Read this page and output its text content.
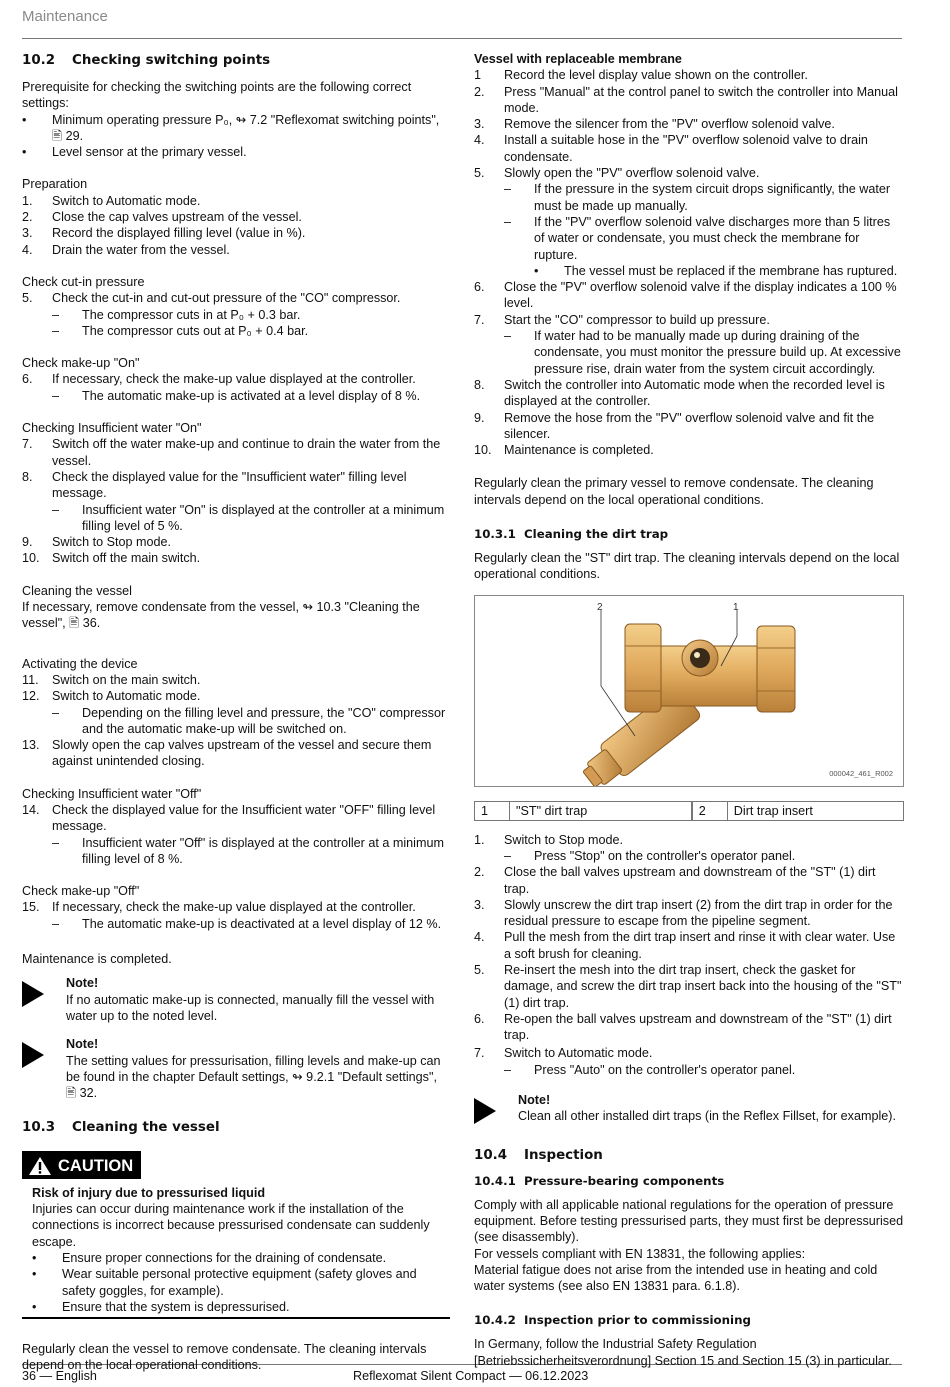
Maintenance
36 — English	Reflexomat Silent Compact — 06.12.2023
10.2	Checking switching points
Prerequisite for checking the switching points are the following correct settings:
•	Minimum operating pressure P₀, ↬ 7.2 "Reflexomat switching points", 🖹 29.
•	Level sensor at the primary vessel.
Preparation
1.	Switch to Automatic mode.
2.	Close the cap valves upstream of the vessel.
3.	Record the displayed filling level (value in %).
4.	Drain the water from the vessel.
Check cut-in pressure
5.	Check the cut-in and cut-out pressure of the "CO" compressor.
–	The compressor cuts in at P₀ + 0.3 bar.
–	The compressor cuts out at P₀ + 0.4 bar.
Check make-up "On"
6.	If necessary, check the make-up value displayed at the controller.
–	The automatic make-up is activated at a level display of 8 %.
Checking Insufficient water "On"
7.	Switch off the water make-up and continue to drain the water from the vessel.
8.	Check the displayed value for the "Insufficient water" filling level message.
–	Insufficient water "On" is displayed at the controller at a minimum filling level of 5 %.
9.	Switch to Stop mode.
10. Switch off the main switch.
Cleaning the vessel
If necessary, remove condensate from the vessel, ↬ 10.3 "Cleaning the vessel", 🖹 36.
Activating the device
11.	Switch on the main switch.
12. Switch to Automatic mode.
–	Depending on the filling level and pressure, the "CO" compressor and the automatic make-up will be switched on.
13. Slowly open the cap valves upstream of the vessel and secure them against unintended closing.
Checking Insufficient water "Off"
14. Check the displayed value for the Insufficient water "OFF" filling level message.
–	Insufficient water "Off" is displayed at the controller at a minimum filling level of 8 %.
Check make-up "Off"
15. If necessary, check the make-up value displayed at the controller.
–	The automatic make-up is deactivated at a level display of 12 %.
Maintenance is completed.
Note!
If no automatic make-up is connected, manually fill the vessel with water up to the noted level.
Note!
The setting values for pressurisation, filling levels and make-up can be found in the chapter Default settings, ↬ 9.2.1 "Default settings", 🖹 32.
10.3	Cleaning the vessel
CAUTION
Risk of injury due to pressurised liquid
Injuries can occur during maintenance work if the installation of the connections is incorrect because pressurised condensate can suddenly escape.
•	Ensure proper connections for the draining of condensate.
•	Wear suitable personal protective equipment (safety gloves and safety goggles, for example).
•	Ensure that the system is depressurised.
Regularly clean the vessel to remove condensate. The cleaning intervals depend on the local operational conditions.
Vessel with replaceable membrane
1	Record the level display value shown on the controller.
2.	Press "Manual" at the control panel to switch the controller into Manual mode.
3.	Remove the silencer from the "PV" overflow solenoid valve.
4.	Install a suitable hose in the "PV" overflow solenoid valve to drain condensate.
5.	Slowly open the "PV" overflow solenoid valve.
–	If the pressure in the system circuit drops significantly, the water must be made up manually.
–	If the "PV" overflow solenoid valve discharges more than 5 litres of water or condensate, you must check the membrane for rupture.
•	The vessel must be replaced if the membrane has ruptured.
6.	Close the "PV" overflow solenoid valve if the display indicates a 100 % level.
7.	Start the "CO" compressor to build up pressure.
–	If water had to be manually made up during draining of the condensate, you must monitor the pressure build up. At excessive pressure rise, drain water from the system circuit accordingly.
8.	Switch the controller into Automatic mode when the recorded level is displayed at the controller.
9.	Remove the hose from the "PV" overflow solenoid valve and fit the silencer.
10. Maintenance is completed.
Regularly clean the primary vessel to remove condensate. The cleaning intervals depend on the local operational conditions.
10.3.1 Cleaning the dirt trap
Regularly clean the "ST" dirt trap. The cleaning intervals depend on the local operational conditions.
2	1
000042_461_R002
1	"ST" dirt trap	2	Dirt trap insert
1.	Switch to Stop mode.
–	Press "Stop" on the controller's operator panel.
2.	Close the ball valves upstream and downstream of the "ST" (1) dirt trap.
3.	Slowly unscrew the dirt trap insert (2) from the dirt trap in order for the residual pressure to escape from the pipeline segment.
4.	Pull the mesh from the dirt trap insert and rinse it with clear water. Use a soft brush for cleaning.
5.	Re-insert the mesh into the dirt trap insert, check the gasket for damage, and screw the dirt trap insert back into the housing of the "ST" (1) dirt trap.
6.	Re-open the ball valves upstream and downstream of the "ST" (1) dirt trap.
7.	Switch to Automatic mode.
–	Press "Auto" on the controller's operator panel.
Note!
Clean all other installed dirt traps (in the Reflex Fillset, for example).
10.4	Inspection
10.4.1 Pressure-bearing components
Comply with all applicable national regulations for the operation of pressure equipment. Before testing pressurised parts, they must first be depressurised (see disassembly).
For vessels compliant with EN 13831, the following applies:
Material fatigue does not arise from the intended use in heating and cold water systems (see also EN 13831 para. 6.1.8).
10.4.2 Inspection prior to commissioning
In Germany, follow the Industrial Safety Regulation [Betriebssicherheitsverordnung] Section 15 and Section 15 (3) in particular.
